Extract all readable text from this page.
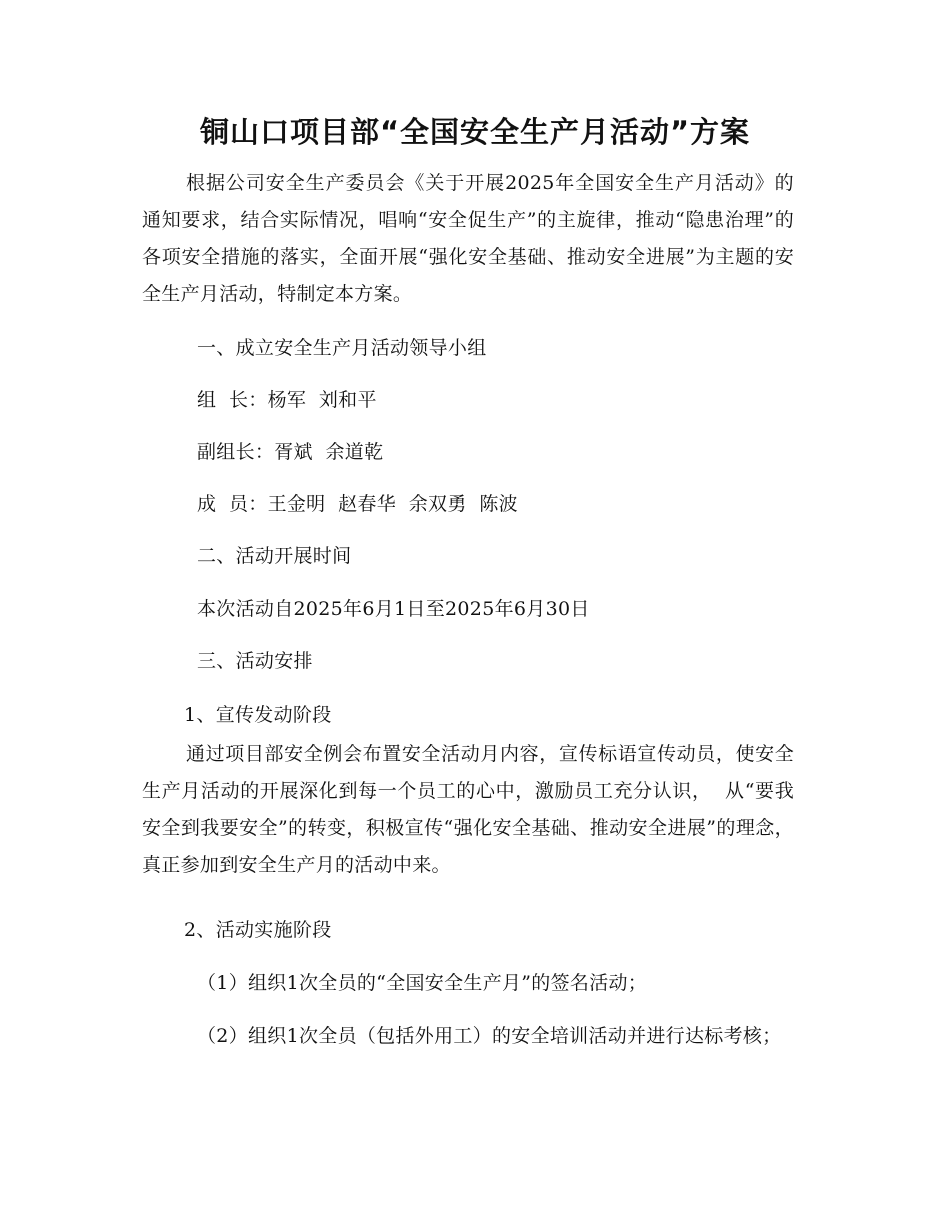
铜山口项目部“全国安全生产月活动”方案

根据公司安全生产委员会《关于开展2025年全国安全生产月活动》的通知要求，结合实际情况，唱响“安全促生产”的主旋律，推动“隐患治理”的各项安全措施的落实，全面开展“强化安全基础、推动安全进展”为主题的安全生产月活动，特制定本方案。

一、成立安全生产月活动领导小组

组  长：杨军  刘和平

副组长：胥斌  余道乾

成  员：王金明  赵春华  余双勇  陈波

二、活动开展时间

本次活动自2025年6月1日至2025年6月30日

三、活动安排

1、宣传发动阶段

通过项目部安全例会布置安全活动月内容，宣传标语宣传动员，使安全生产月活动的开展深化到每一个员工的心中，激励员工充分认识，  从“要我安全到我要安全”的转变，积极宣传“强化安全基础、推动安全进展”的理念，真正参加到安全生产月的活动中来。

2、活动实施阶段

（1）组织1次全员的“全国安全生产月”的签名活动；

（2）组织1次全员（包括外用工）的安全培训活动并进行达标考核；
